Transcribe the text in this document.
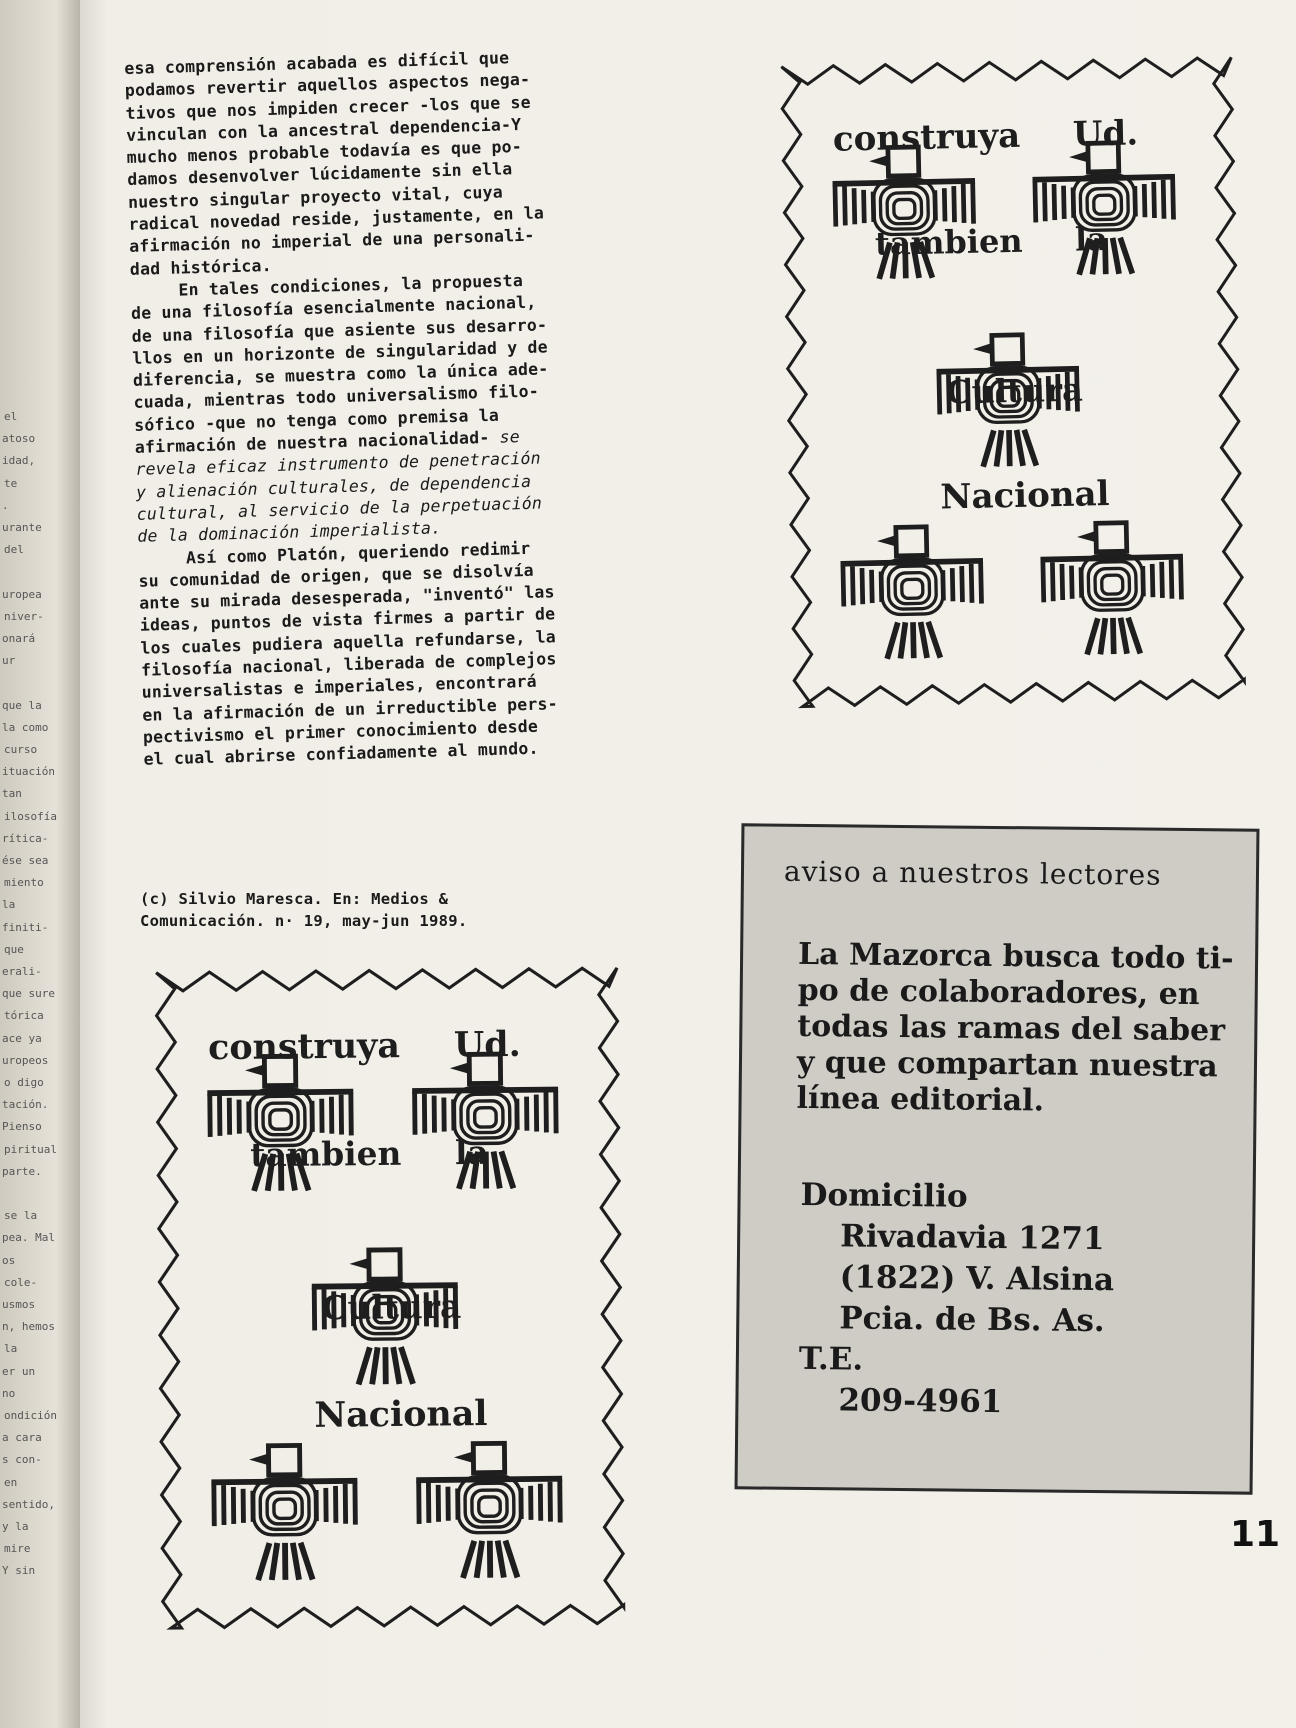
el
atoso
idad,
te
.
urante
del
uropea
niver-
onará
ur
que la
la como
curso
ituación
tan
ilosofía
rítica-
ése sea
miento
la
finiti-
que
erali-
que sure
tórica
ace ya
uropeos
o digo
tación.
Pienso
piritual
parte.
se la
pea. Mal
os
cole-
usmos
n, hemos
la
er un
no
ondición
a cara
s con-
en
sentido,
y la
mire
Y sin

esa comprensión acabada es difícil que
podamos revertir aquellos aspectos nega-
tivos que nos impiden crecer -los que se
vinculan con la ancestral dependencia-Y
mucho menos probable todavía es que po-
damos desenvolver lúcidamente sin ella
nuestro singular proyecto vital, cuya
radical novedad reside, justamente, en la
afirmación no imperial de una personali-
dad histórica.

En tales condiciones, la propuesta
de una filosofía esencialmente nacional,
de una filosofía que asiente sus desarro-
llos en un horizonte de singularidad y de
diferencia, se muestra como la única ade-
cuada, mientras todo universalismo filo-
sófico -que no tenga como premisa la
afirmación de nuestra nacionalidad- se
revela eficaz instrumento de penetración
y alienación culturales, de dependencia
cultural, al servicio de la perpetuación
de la dominación imperialista.

Así como Platón, queriendo redimir
su comunidad de origen, que se disolvía
ante su mirada desesperada, "inventó" las
ideas, puntos de vista firmes a partir de
los cuales pudiera aquella refundarse, la
filosofía nacional, liberada de complejos
universalistas e imperiales, encontrará
en la afirmación de un irreductible pers-
pectivismo el primer conocimiento desde
el cual abrirse confiadamente al mundo.

(c) Silvio Maresca. En: Medios &
Comunicación. n· 19, may-jun 1989.
construya Ud.
tambien la
Cultura
Nacional
construya Ud.
tambien la
Cultura
Nacional
aviso a nuestros lectores
La Mazorca busca todo ti-
po de colaboradores, en
todas las ramas del saber
y que compartan nuestra
línea editorial.
Domicilio
Rivadavia 1271
(1822) V. Alsina
Pcia. de Bs. As.
T.E.
209-4961
11
